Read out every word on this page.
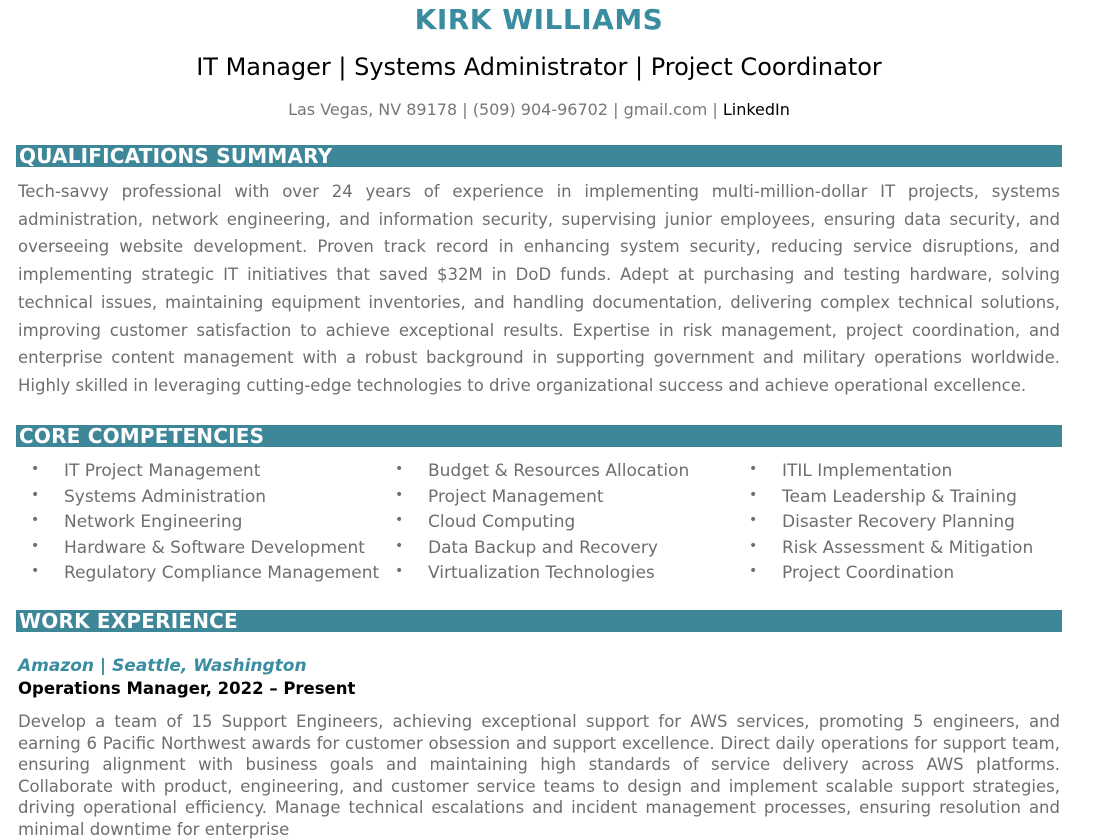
KIRK WILLIAMS
IT Manager | Systems Administrator | Project Coordinator
Las Vegas, NV 89178 | (509) 904-96702 | gmail.com | LinkedIn
QUALIFICATIONS SUMMARY

Tech-savvy professional with over 24 years of experience in implementing multi-million-dollar IT projects, systems administration, network engineering, and information security, supervising junior employees, ensuring data security, and overseeing website development. Proven track record in enhancing system security, reducing service disruptions, and implementing strategic IT initiatives that saved $32M in DoD funds. Adept at purchasing and testing hardware, solving technical issues, maintaining equipment inventories, and handling documentation, delivering complex technical solutions, improving customer satisfaction to achieve exceptional results. Expertise in risk management, project coordination, and enterprise content management with a robust background in supporting government and military operations worldwide. Highly skilled in leveraging cutting-edge technologies to drive organizational success and achieve operational excellence.

CORE COMPETENCIES
• IT Project Management
• Systems Administration
• Network Engineering
• Hardware & Software Development
• Regulatory Compliance Management
• Budget & Resources Allocation
• Project Management
• Cloud Computing
• Data Backup and Recovery
• Virtualization Technologies
• ITIL Implementation
• Team Leadership & Training
• Disaster Recovery Planning
• Risk Assessment & Mitigation
• Project Coordination
WORK EXPERIENCE
Amazon | Seattle, Washington
Operations Manager, 2022 – Present

Develop a team of 15 Support Engineers, achieving exceptional support for AWS services, promoting 5 engineers, and earning 6 Pacific Northwest awards for customer obsession and support excellence. Direct daily operations for support team, ensuring alignment with business goals and maintaining high standards of service delivery across AWS platforms. Collaborate with product, engineering, and customer service teams to design and implement scalable support strategies, driving operational efficiency. Manage technical escalations and incident management processes, ensuring resolution and minimal downtime for enterprise
